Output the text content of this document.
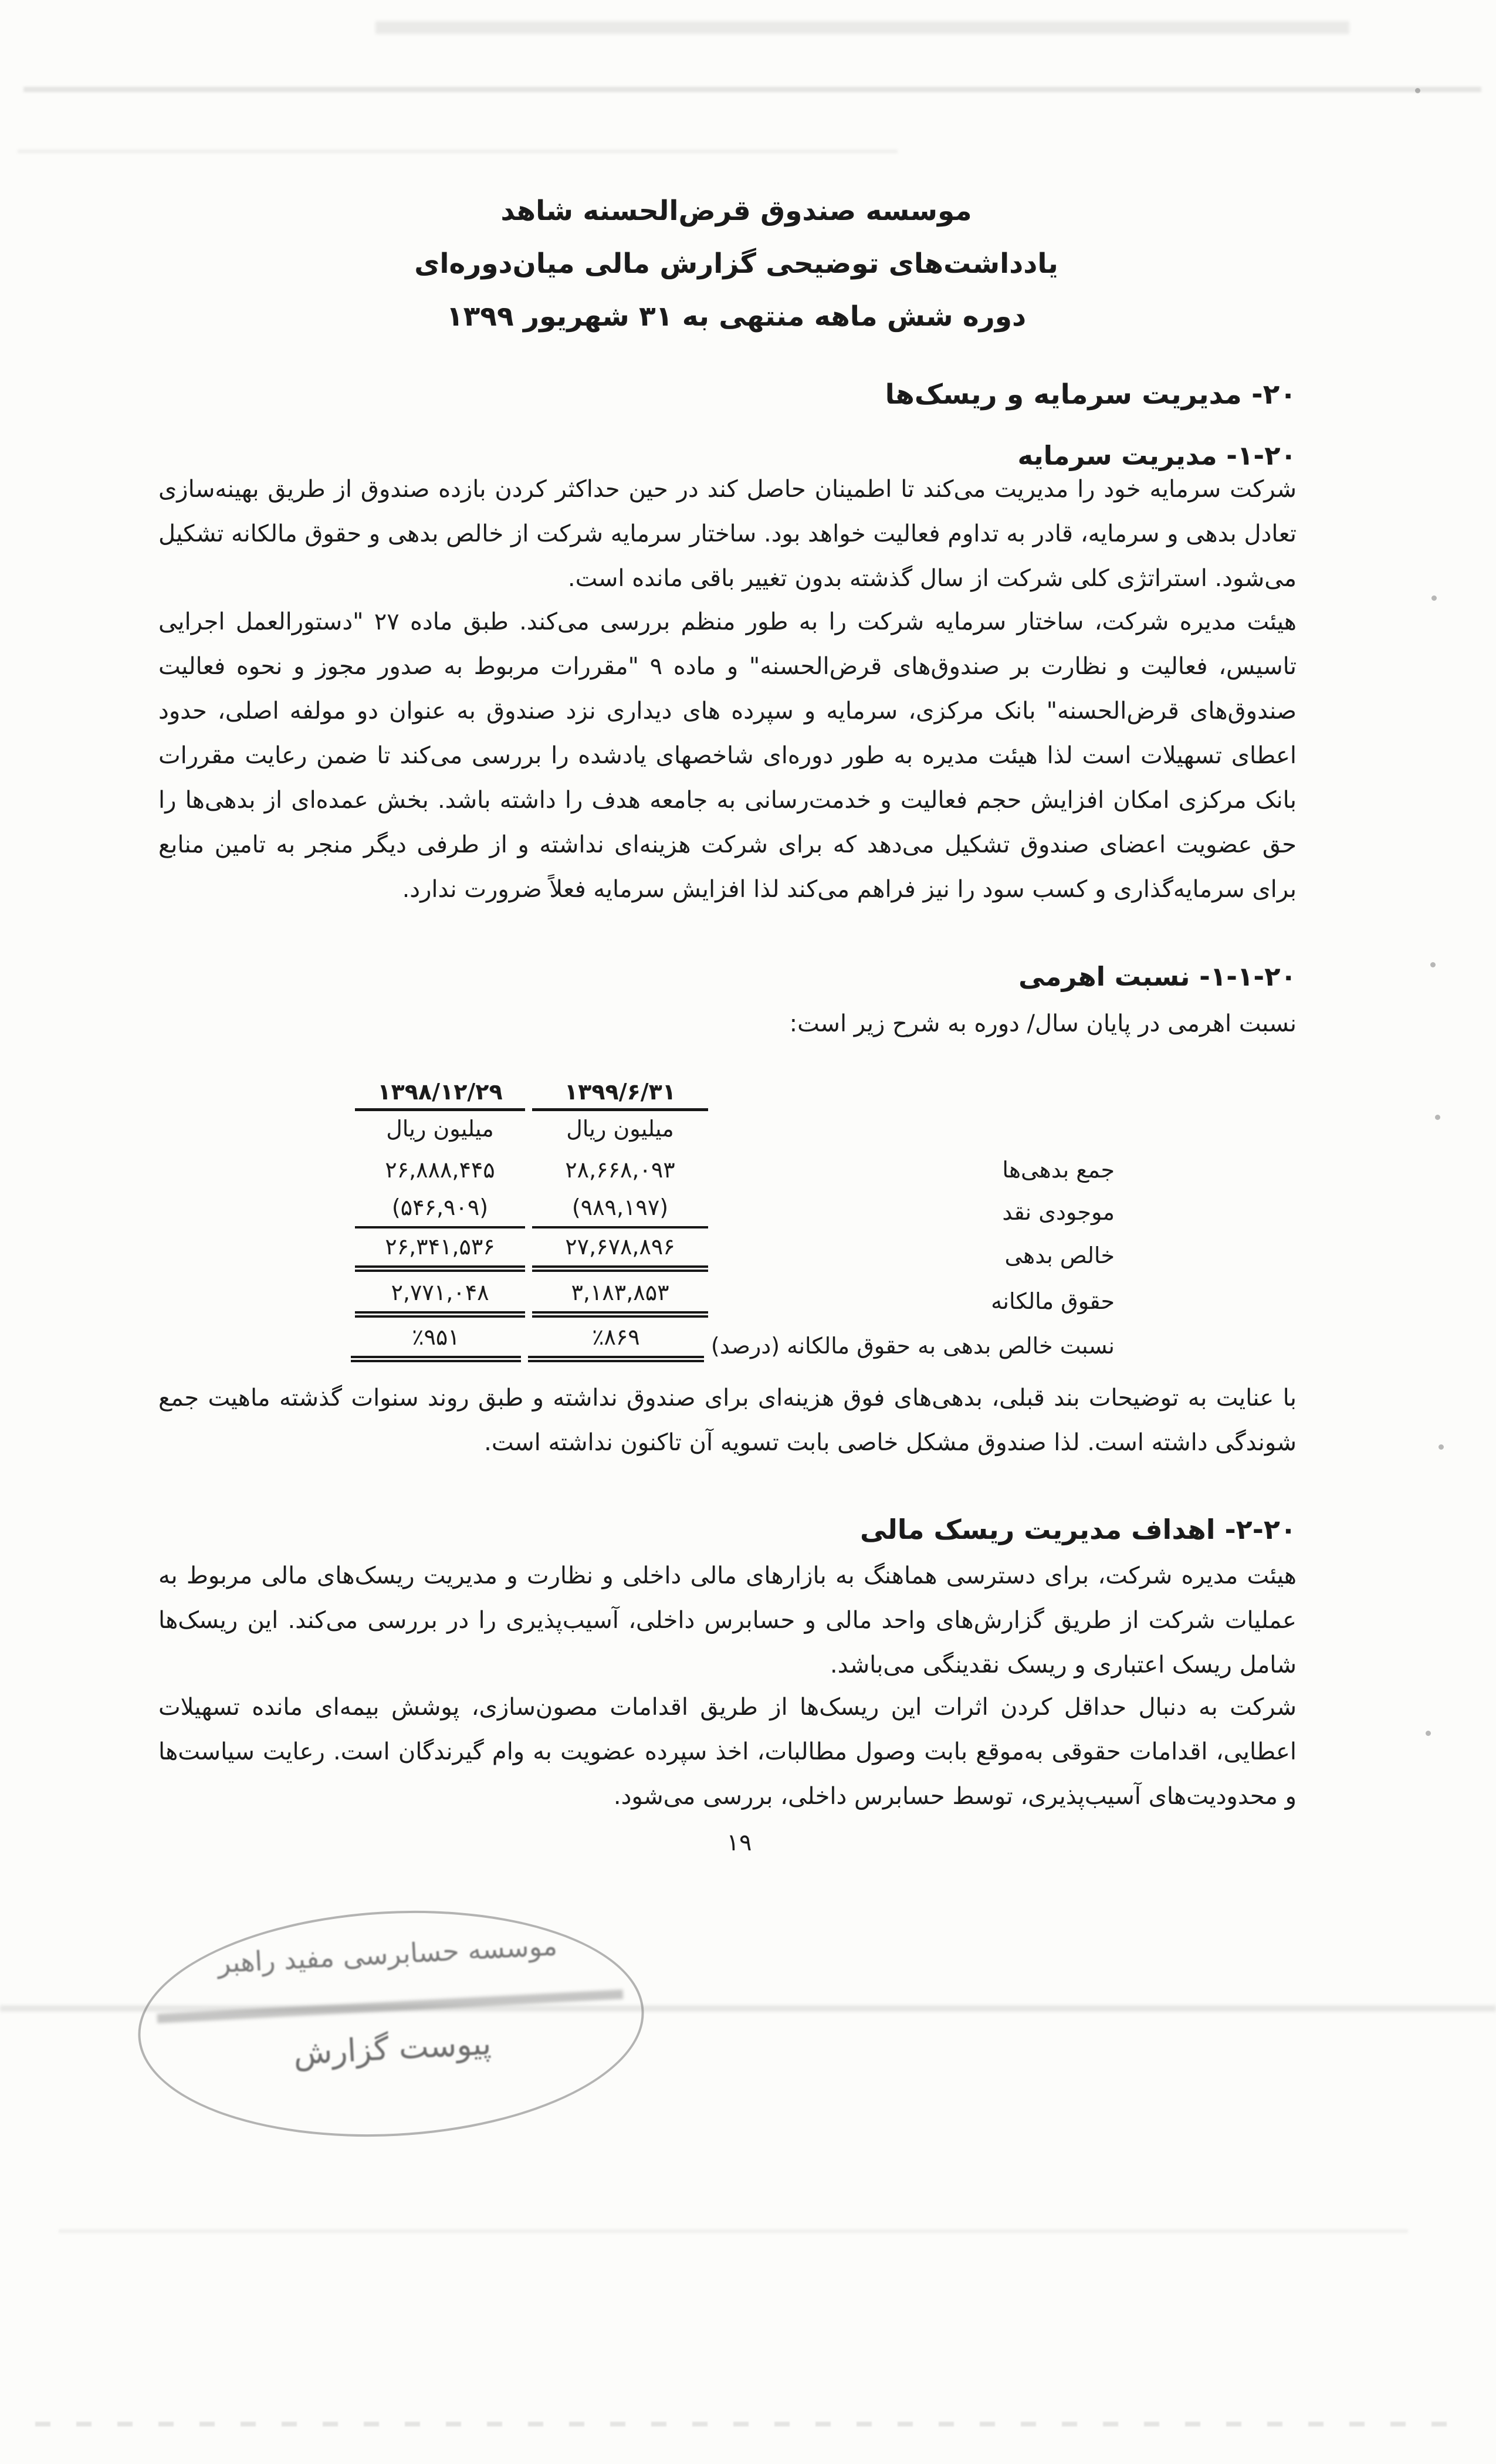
موسسه صندوق قرض‌الحسنه شاهد
یادداشت‌های توضیحی گزارش مالی میان‌دوره‌ای
دوره شش ماهه منتهی به ۳۱ شهریور ۱۳۹۹
۲۰- مدیریت سرمایه و ریسک‌ها
۱-۲۰- مدیریت سرمایه
شرکت سرمایه خود را مدیریت می‌کند تا اطمینان حاصل کند در حین حداکثر کردن بازده صندوق از طریق بهینه‌سازی تعادل بدهی و سرمایه، قادر به تداوم فعالیت خواهد بود. ساختار سرمایه شرکت از خالص بدهی و حقوق مالکانه تشکیل می‌شود. استراتژی کلی شرکت از سال گذشته بدون تغییر باقی مانده است.
هیئت مدیره شرکت، ساختار سرمایه شرکت را به طور منظم بررسی می‌کند. طبق ماده ۲۷ "دستورالعمل اجرایی تاسیس، فعالیت و نظارت بر صندوق‌های قرض‌الحسنه" و ماده ۹ "مقررات مربوط به صدور مجوز و نحوه فعالیت صندوق‌های قرض‌الحسنه" بانک مرکزی، سرمایه و سپرده های دیداری نزد صندوق به عنوان دو مولفه اصلی، حدود اعطای تسهیلات است لذا هیئت مدیره به طور دوره‌ای شاخصهای یادشده را بررسی می‌کند تا ضمن رعایت مقررات بانک مرکزی امکان افزایش حجم فعالیت و خدمت‌رسانی به جامعه هدف را داشته باشد. بخش عمده‌ای از بدهی‌ها را حق عضویت اعضای صندوق تشکیل می‌دهد که برای شرکت هزینه‌ای نداشته و از طرفی دیگر منجر به تامین منابع برای سرمایه‌گذاری و کسب سود را نیز فراهم می‌کند لذا افزایش سرمایه فعلاً ضرورت ندارد.
۱-۱-۲۰- نسبت اهرمی
نسبت اهرمی در پایان سال/ دوره به شرح زیر است:
۱۳۹۹/۶/۳۱
۱۳۹۸/۱۲/۲۹
میلیون ریال
میلیون ریال
جمع بدهی‌ها
۲۸,۶۶۸,۰۹۳
۲۶,۸۸۸,۴۴۵
موجودی نقد
(۹۸۹,۱۹۷)
(۵۴۶,۹۰۹)
خالص بدهی
۲۷,۶۷۸,۸۹۶
۲۶,۳۴۱,۵۳۶
حقوق مالکانه
۳,۱۸۳,۸۵۳
۲,۷۷۱,۰۴۸
نسبت خالص بدهی به حقوق مالکانه (درصد)
٪۸۶۹
٪۹۵۱
با عنایت به توضیحات بند قبلی، بدهی‌های فوق هزینه‌ای برای صندوق نداشته و طبق روند سنوات گذشته ماهیت جمع شوندگی داشته است. لذا صندوق مشکل خاصی بابت تسویه آن تاکنون نداشته است.
۲-۲۰- اهداف مدیریت ریسک مالی
هیئت مدیره شرکت، برای دسترسی هماهنگ به بازارهای مالی داخلی و نظارت و مدیریت ریسک‌های مالی مربوط به عملیات شرکت از طریق گزارش‌های واحد مالی و حسابرس داخلی، آسیب‌پذیری را در بررسی می‌کند. این ریسک‌ها شامل ریسک اعتباری و ریسک نقدینگی می‌باشد.
شرکت به دنبال حداقل کردن اثرات این ریسک‌ها از طریق اقدامات مصون‌سازی، پوشش بیمه‌ای مانده تسهیلات اعطایی، اقدامات حقوقی به‌موقع بابت وصول مطالبات، اخذ سپرده عضویت به وام گیرندگان است. رعایت سیاست‌ها و محدودیت‌های آسیب‌پذیری، توسط حسابرس داخلی، بررسی می‌شود.
۱۹
موسسه حسابرسی مفید راهبر
پیوست گزارش
